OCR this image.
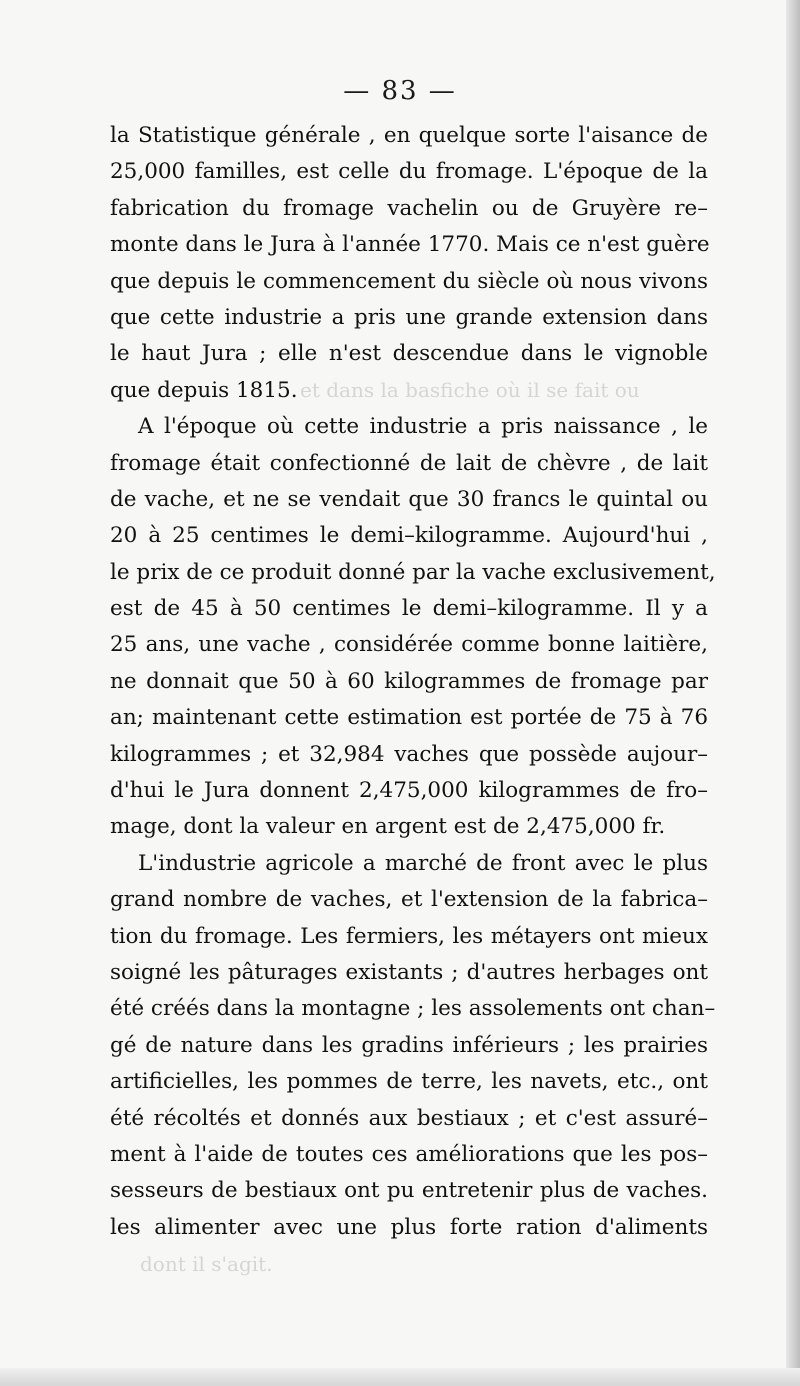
et dans la basfiche où il se fait ou
dont il s'agit.
— 83 —
la Statistique générale , en quelque sorte l'aisance de
25,000 familles, est celle du fromage. L'époque de la
fabrication du fromage vachelin ou de Gruyère re–
monte dans le Jura à l'année 1770. Mais ce n'est guère
que depuis le commencement du siècle où nous vivons
que cette industrie a pris une grande extension dans
le haut Jura ; elle n'est descendue dans le vignoble
que depuis 1815.
A l'époque où cette industrie a pris naissance , le
fromage était confectionné de lait de chèvre , de lait
de vache, et ne se vendait que 30 francs le quintal ou
20 à 25 centimes le demi–kilogramme. Aujourd'hui ,
le prix de ce produit donné par la vache exclusivement,
est de 45 à 50 centimes le demi–kilogramme. Il y a
25 ans, une vache , considérée comme bonne laitière,
ne donnait que 50 à 60 kilogrammes de fromage par
an; maintenant cette estimation est portée de 75 à 76
kilogrammes ; et 32,984 vaches que possède aujour–
d'hui le Jura donnent 2,475,000 kilogrammes de fro–
mage, dont la valeur en argent est de 2,475,000 fr.
L'industrie agricole a marché de front avec le plus
grand nombre de vaches, et l'extension de la fabrica–
tion du fromage. Les fermiers, les métayers ont mieux
soigné les pâturages existants ; d'autres herbages ont
été créés dans la montagne ; les assolements ont chan–
gé de nature dans les gradins inférieurs ; les prairies
artificielles, les pommes de terre, les navets, etc., ont
été récoltés et donnés aux bestiaux ; et c'est assuré–
ment à l'aide de toutes ces améliorations que les pos–
sesseurs de bestiaux ont pu entretenir plus de vaches.
les alimenter avec une plus forte ration d'aliments
